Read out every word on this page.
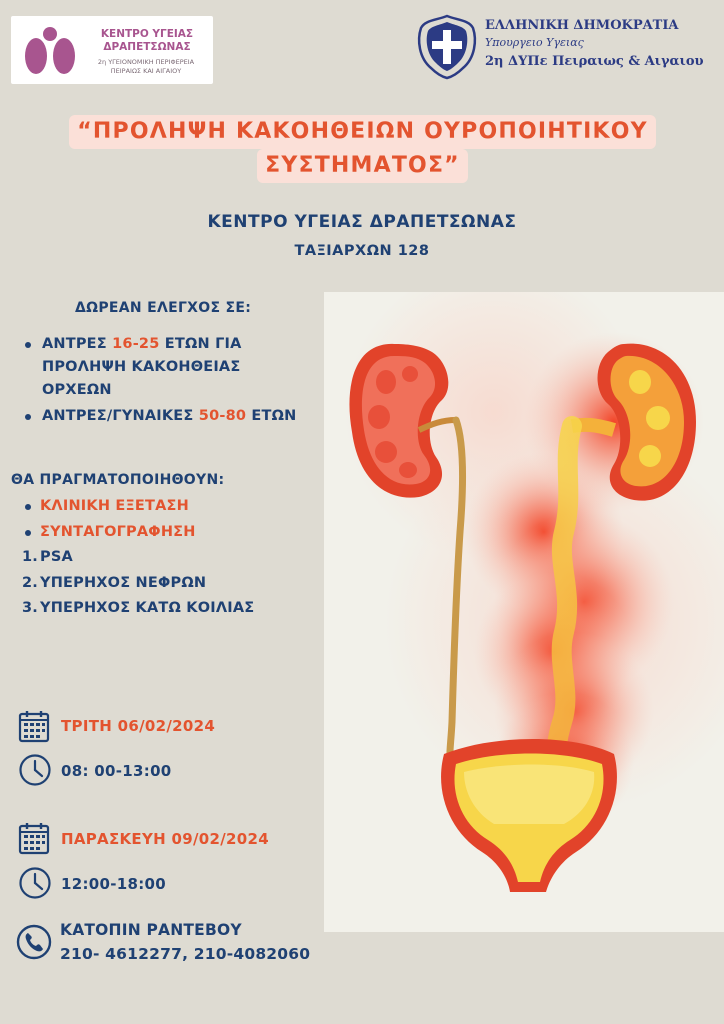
ΚΕΝΤΡΟ ΥΓΕΙΑΣ
ΔΡΑΠΕΤΣΩΝΑΣ
2η ΥΓΕΙΟΝΟΜΙΚΗ ΠΕΡΙΦΕΡΕΙΑ
ΠΕΙΡΑΙΩΣ ΚΑΙ ΑΙΓΑΙΟΥ
ΕΛΛΗΝΙΚΗ ΔΗΜΟΚΡΑΤΙΑ
Υπουργειο Υγειας
2η ΔΥΠε Πειραιως & Αιγαιου
“ΠΡΟΛΗΨΗ ΚΑΚΟΗΘΕΙΩΝ ΟΥΡΟΠΟΙΗΤΙΚΟΥ
ΣΥΣΤΗΜΑΤΟΣ”
ΚΕΝΤΡΟ ΥΓΕΙΑΣ ΔΡΑΠΕΤΣΩΝΑΣ
ΤΑΞΙΑΡΧΩΝ 128
ΔΩΡΕΑΝ ΕΛΕΓΧΟΣ ΣΕ:
ΑΝΤΡΕΣ 16-25 ΕΤΩΝ ΓΙΑ
ΠΡΟΛΗΨΗ ΚΑΚΟΗΘΕΙΑΣ
ΟΡΧΕΩΝ
ΑΝΤΡΕΣ/ΓΥΝΑΙΚΕΣ 50-80 ΕΤΩΝ
ΘΑ ΠΡΑΓΜΑΤΟΠΟΙΗΘΟΥΝ:
ΚΛΙΝΙΚΗ ΕΞΕΤΑΣΗ
ΣΥΝΤΑΓΟΓΡΑΦΗΣΗ
1. PSA
2. ΥΠΕΡΗΧΟΣ ΝΕΦΡΩΝ
3. ΥΠΕΡΗΧΟΣ ΚΑΤΩ ΚΟΙΛΙΑΣ
ΤΡΙΤΗ 06/02/2024
08: 00-13:00
ΠΑΡΑΣΚΕΥΗ 09/02/2024
12:00-18:00
ΚΑΤΟΠΙΝ ΡΑΝΤΕΒΟΥ
210- 4612277, 210-4082060
